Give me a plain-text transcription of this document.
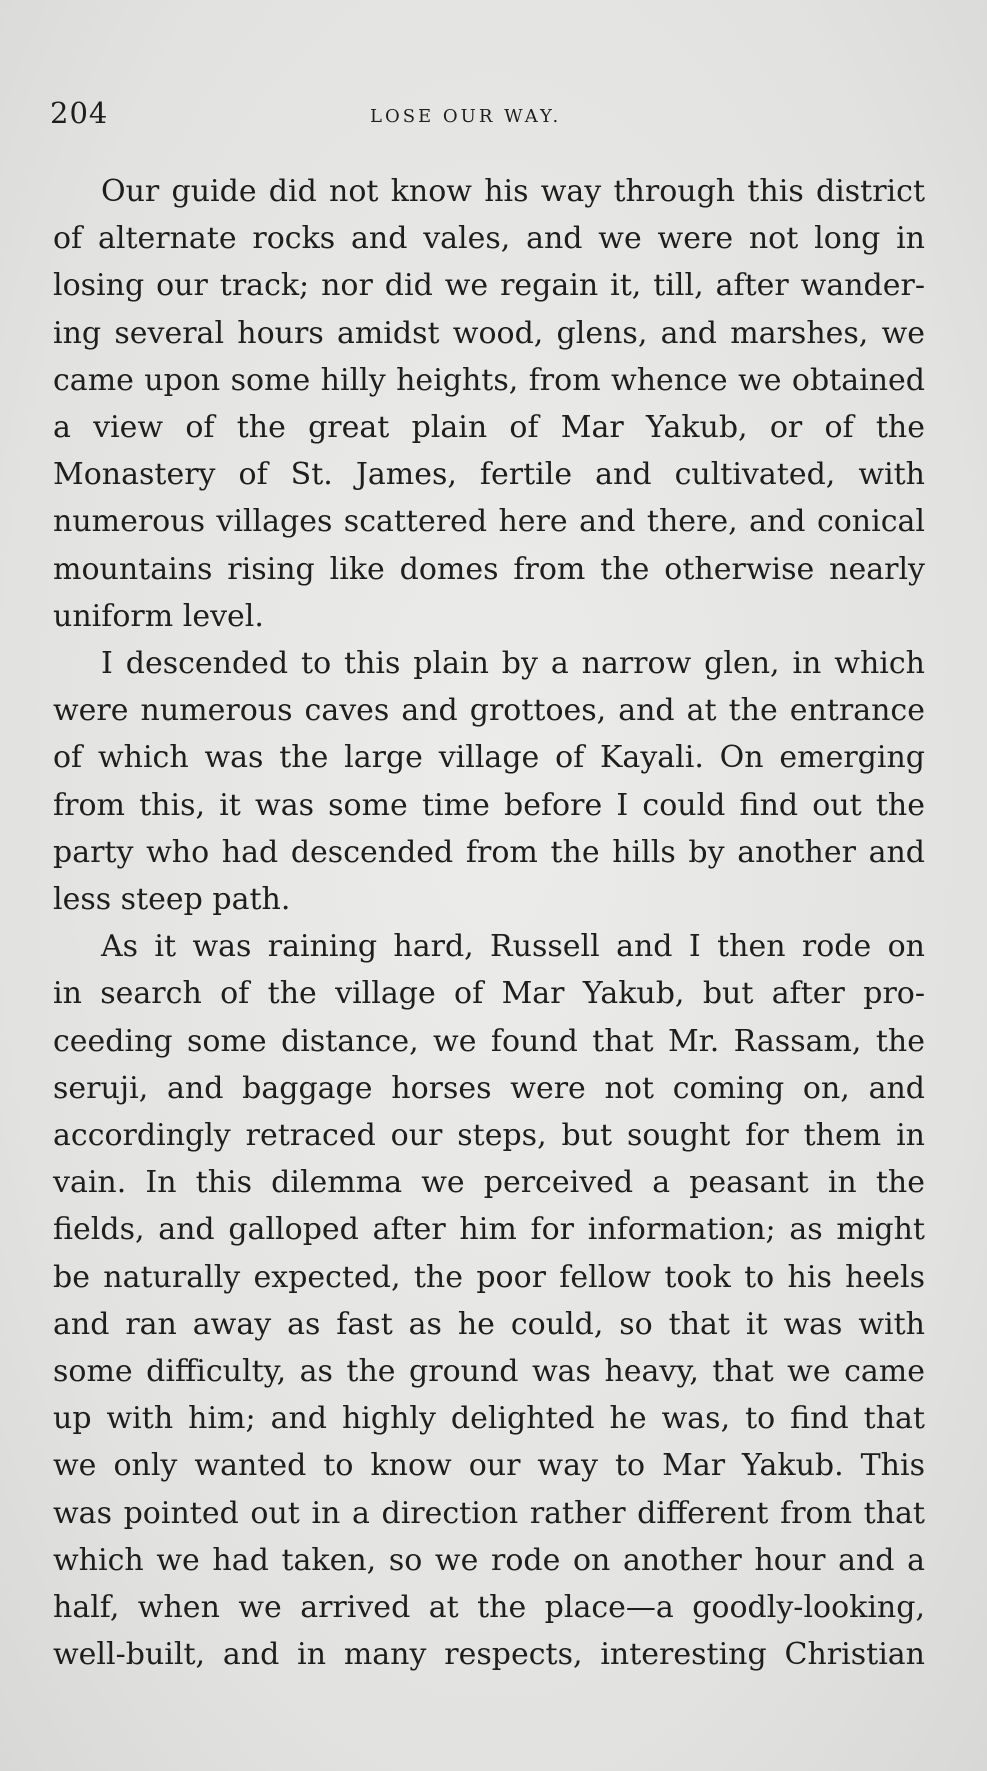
204	LOSE OUR WAY.

Our guide did not know his way through this district
of alternate rocks and vales, and we were not long in
losing our track; nor did we regain it, till, after wander-
ing several hours amidst wood, glens, and marshes, we
came upon some hilly heights, from whence we obtained
a view of the great plain of Mar Yakub, or of the
Monastery of St. James, fertile and cultivated, with
numerous villages scattered here and there, and conical
mountains rising like domes from the otherwise nearly
uniform level.

I descended to this plain by a narrow glen, in which
were numerous caves and grottoes, and at the entrance
of which was the large village of Kayali. On emerging
from this, it was some time before I could find out the
party who had descended from the hills by another and
less steep path.

As it was raining hard, Russell and I then rode on
in search of the village of Mar Yakub, but after pro-
ceeding some distance, we found that Mr. Rassam, the
seruji, and baggage horses were not coming on, and
accordingly retraced our steps, but sought for them in
vain. In this dilemma we perceived a peasant in the
fields, and galloped after him for information; as might
be naturally expected, the poor fellow took to his heels
and ran away as fast as he could, so that it was with
some difficulty, as the ground was heavy, that we came
up with him; and highly delighted he was, to find that
we only wanted to know our way to Mar Yakub. This
was pointed out in a direction rather different from that
which we had taken, so we rode on another hour and a
half, when we arrived at the place—a goodly-looking,
well-built, and in many respects, interesting Christian
